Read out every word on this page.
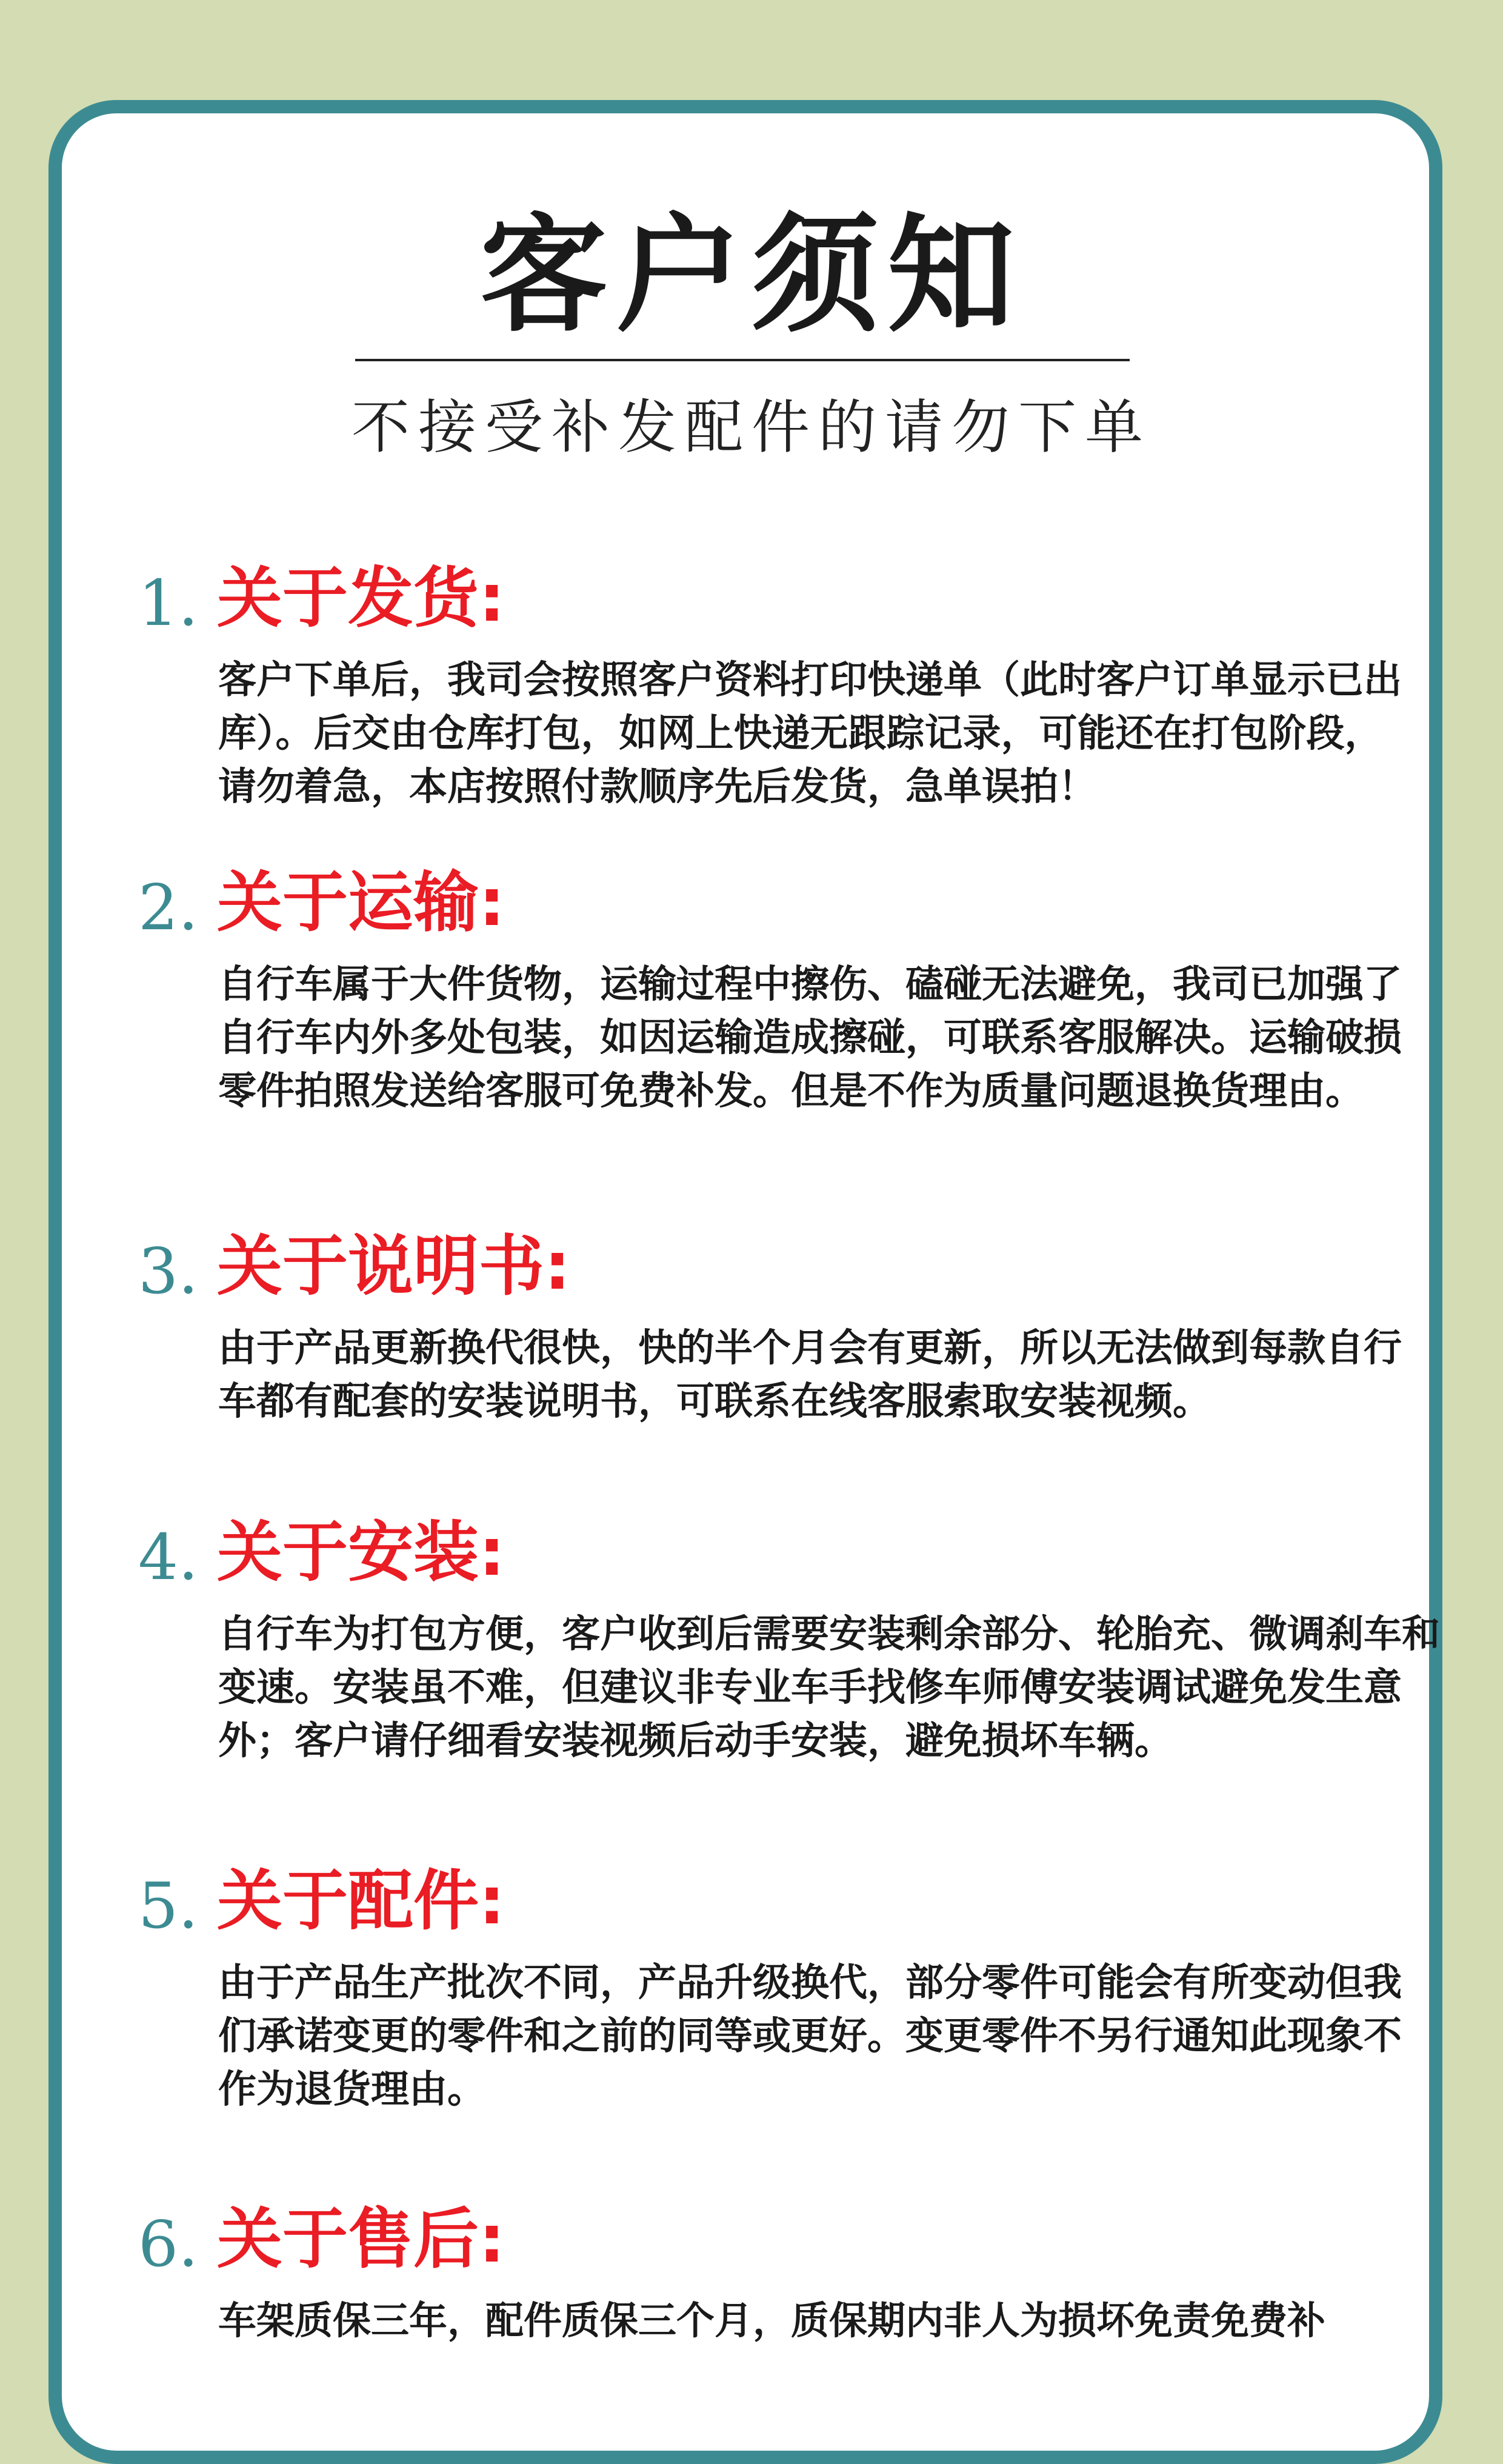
客户须知

不接受补发配件的请勿下单

1. 关于发货:

客户下单后，我司会按照客户资料打印快递单（此时客户订单显示已出库）。后交由仓库打包，如网上快递无跟踪记录，可能还在打包阶段，请勿着急，本店按照付款顺序先后发货，急单误拍！

2. 关于运输:

自行车属于大件货物，运输过程中擦伤、磕碰无法避免，我司已加强了自行车内外多处包装，如因运输造成擦碰，可联系客服解决。运输破损零件拍照发送给客服可免费补发。但是不作为质量问题退换货理由。

3. 关于说明书:

由于产品更新换代很快，快的半个月会有更新，所以无法做到每款自行车都有配套的安装说明书，可联系在线客服索取安装视频。

4. 关于安装:

自行车为打包方便，客户收到后需要安装剩余部分、轮胎充、微调刹车和变速。安装虽不难，但建议非专业车手找修车师傅安装调试避免发生意外；客户请仔细看安装视频后动手安装，避免损坏车辆。

5. 关于配件:

由于产品生产批次不同，产品升级换代，部分零件可能会有所变动但我们承诺变更的零件和之前的同等或更好。变更零件不另行通知此现象不作为退货理由。

6. 关于售后:

车架质保三年，配件质保三个月，质保期内非人为损坏免责免费补
